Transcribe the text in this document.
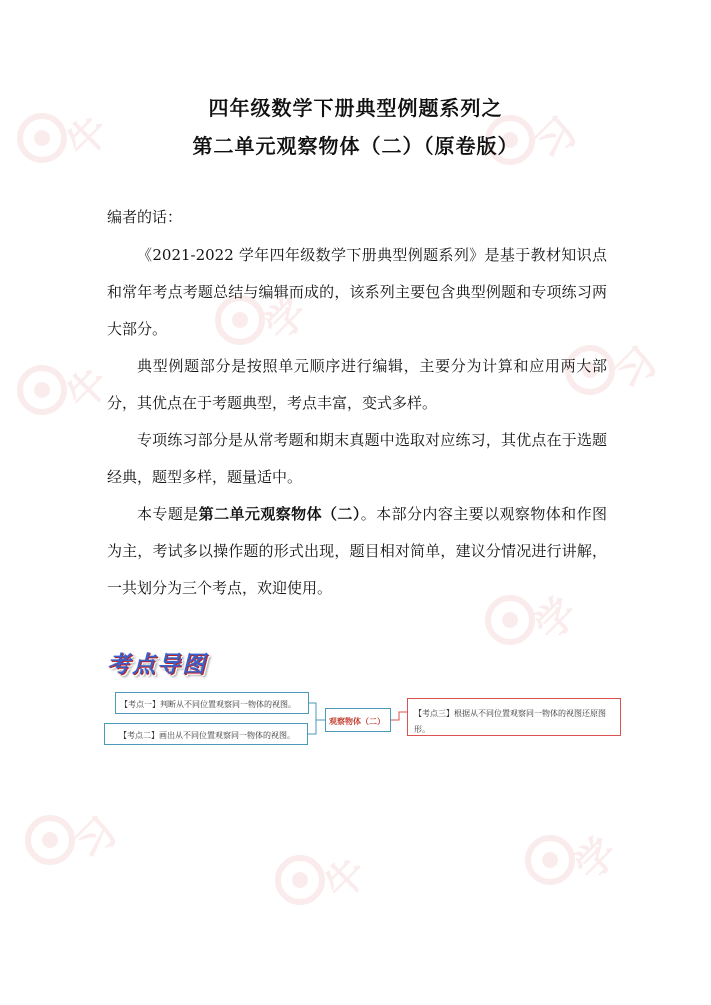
牛
学
习
牛
学
习
牛	学
习
四年级数学下册典型例题系列之
第二单元观察物体（二）（原卷版）
编者的话：
《2021-2022 学年四年级数学下册典型例题系列》是基于教材知识点和常年考点考题总结与编辑而成的，该系列主要包含典型例题和专项练习两大部分。
典型例题部分是按照单元顺序进行编辑，主要分为计算和应用两大部分，其优点在于考题典型，考点丰富，变式多样。
专项练习部分是从常考题和期末真题中选取对应练习，其优点在于选题经典，题型多样，题量适中。
本专题是第二单元观察物体（二）。本部分内容主要以观察物体和作图为主，考试多以操作题的形式出现，题目相对简单，建议分情况进行讲解，一共划分为三个考点，欢迎使用。
考点导图
【考点一】判断从不同位置观察同一物体的视图。
【考点二】画出从不同位置观察同一物体的视图。
观察物体（二）
【考点三】根据从不同位置观察同一物体的视图还原图形。
